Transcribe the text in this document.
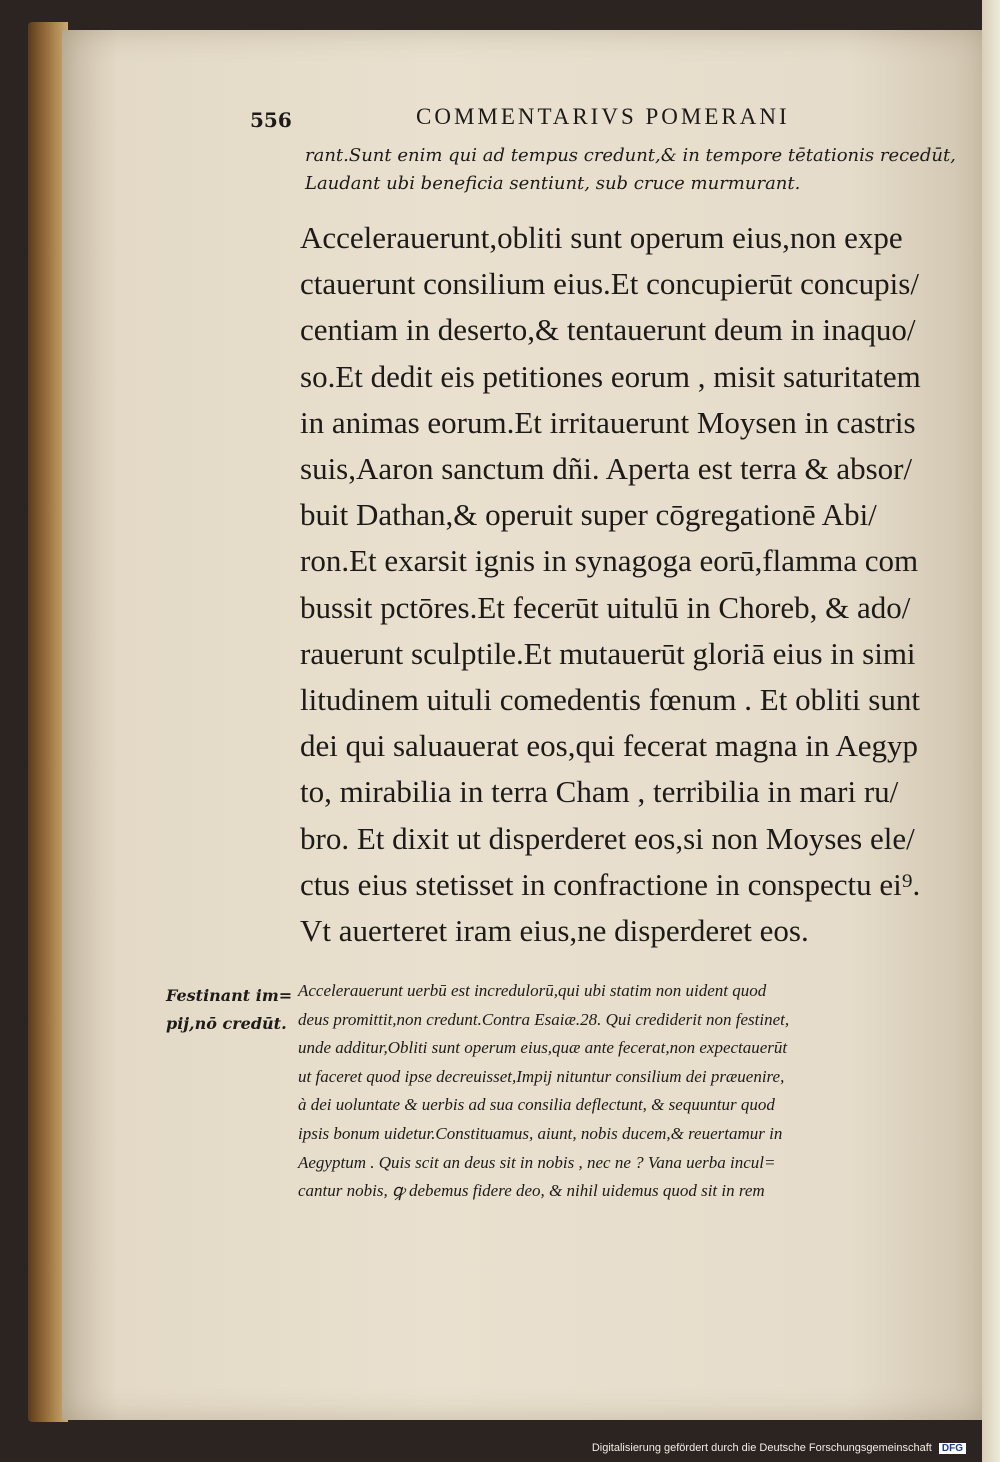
556	COMMENTARIVS POMERANI
rant.Sunt enim qui ad tempus credunt,& in tempore tētationis recedūt,
Laudant ubi beneficia sentiunt, sub cruce murmurant.
Accelerauerunt,obliti sunt operum eius,non expe
ctauerunt consilium eius.Et concupierūt concupis/
centiam in deserto,& tentauerunt deum in inaquo/
so.Et dedit eis petitiones eorum , misit saturitatem
in animas eorum.Et irritauerunt Moysen in castris
suis,Aaron sanctum dñi. Aperta est terra & absor/
buit Dathan,& operuit super cōgregationē Abi/
ron.Et exarsit ignis in synagoga eorū,flamma com
bussit pctōres.Et fecerūt uitulū in Choreb, & ado/
rauerunt sculptile.Et mutauerūt gloriā eius in simi
litudinem uituli comedentis fœnum . Et obliti sunt
dei qui saluauerat eos,qui fecerat magna in Aegyp
to, mirabilia in terra Cham , terribilia in mari ru/
bro. Et dixit ut disperderet eos,si non Moyses ele/
ctus eius stetisset in confractione in conspectu ei⁹.
Vt auerteret iram eius,ne disperderet eos.
Festinant im=
pij,nō credūt.
Accelerauerunt uerbū est incredulorū,qui ubi statim non uident quod
deus promittit,non credunt.Contra Esaiæ.28. Qui crediderit non festinet,
unde additur,Obliti sunt operum eius,quæ ante fecerat,non expectauerūt
ut faceret quod ipse decreuisset,Impij nituntur consilium dei præuenire,
à dei uoluntate & uerbis ad sua consilia deflectunt, & sequuntur quod
ipsis bonum uidetur.Constituamus, aiunt, nobis ducem,& reuertamur in
Aegyptum . Quis scit an deus sit in nobis , nec ne ? Vana uerba incul=
cantur nobis, ꝙ debemus fidere deo, & nihil uidemus quod sit in rem
Digitalisierung gefördert durch die Deutsche Forschungsgemeinschaft DFG
